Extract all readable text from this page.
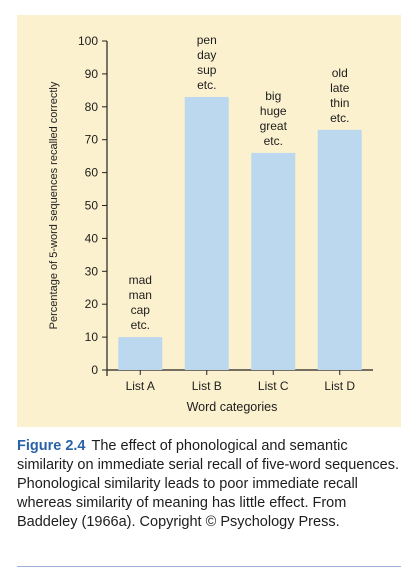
0
10
20
30
40
50
60
70
80
90
100
List A
mad
man
cap
etc.
List B
pen
day
sup
etc.
List C
big
huge
great
etc.
List D
old
late
thin
etc.
Word categories
Percentage of 5-word sequences recalled correctly
Figure 2.4 The effect of phonological and semantic similarity on immediate serial recall of five-word sequences. Phonological similarity leads to poor immediate recall whereas similarity of meaning has little effect. From Baddeley (1966a). Copyright © Psychology Press.
